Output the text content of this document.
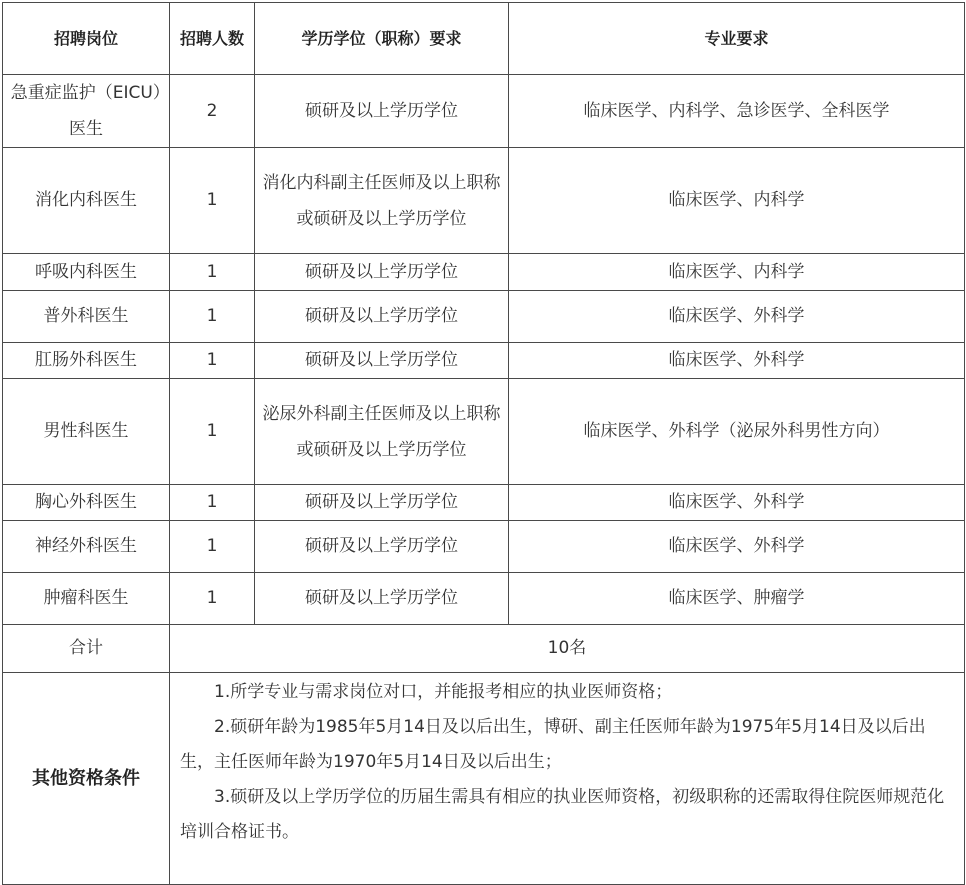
招聘岗位	招聘人数	学历学位（职称）要求	专业要求
急重症监护（EICU）医生	2	硕研及以上学历学位	临床医学、内科学、急诊医学、全科医学
消化内科医生	1	消化内科副主任医师及以上职称或硕研及以上学历学位	临床医学、内科学
呼吸内科医生	1	硕研及以上学历学位	临床医学、内科学
普外科医生	1	硕研及以上学历学位	临床医学、外科学
肛肠外科医生	1	硕研及以上学历学位	临床医学、外科学
男性科医生	1	泌尿外科副主任医师及以上职称或硕研及以上学历学位	临床医学、外科学（泌尿外科男性方向）
胸心外科医生	1	硕研及以上学历学位	临床医学、外科学
神经外科医生	1	硕研及以上学历学位	临床医学、外科学
肿瘤科医生	1	硕研及以上学历学位	临床医学、肿瘤学
合计	10名		
其他资格条件	1.所学专业与需求岗位对口，并能报考相应的执业医师资格；
2.硕研年龄为1985年5月14日及以后出生，博研、副主任医师年龄为1975年5月14日及以后出生，主任医师年龄为1970年5月14日及以后出生；
3.硕研及以上学历学位的历届生需具有相应的执业医师资格，初级职称的还需取得住院医师规范化培训合格证书。		
